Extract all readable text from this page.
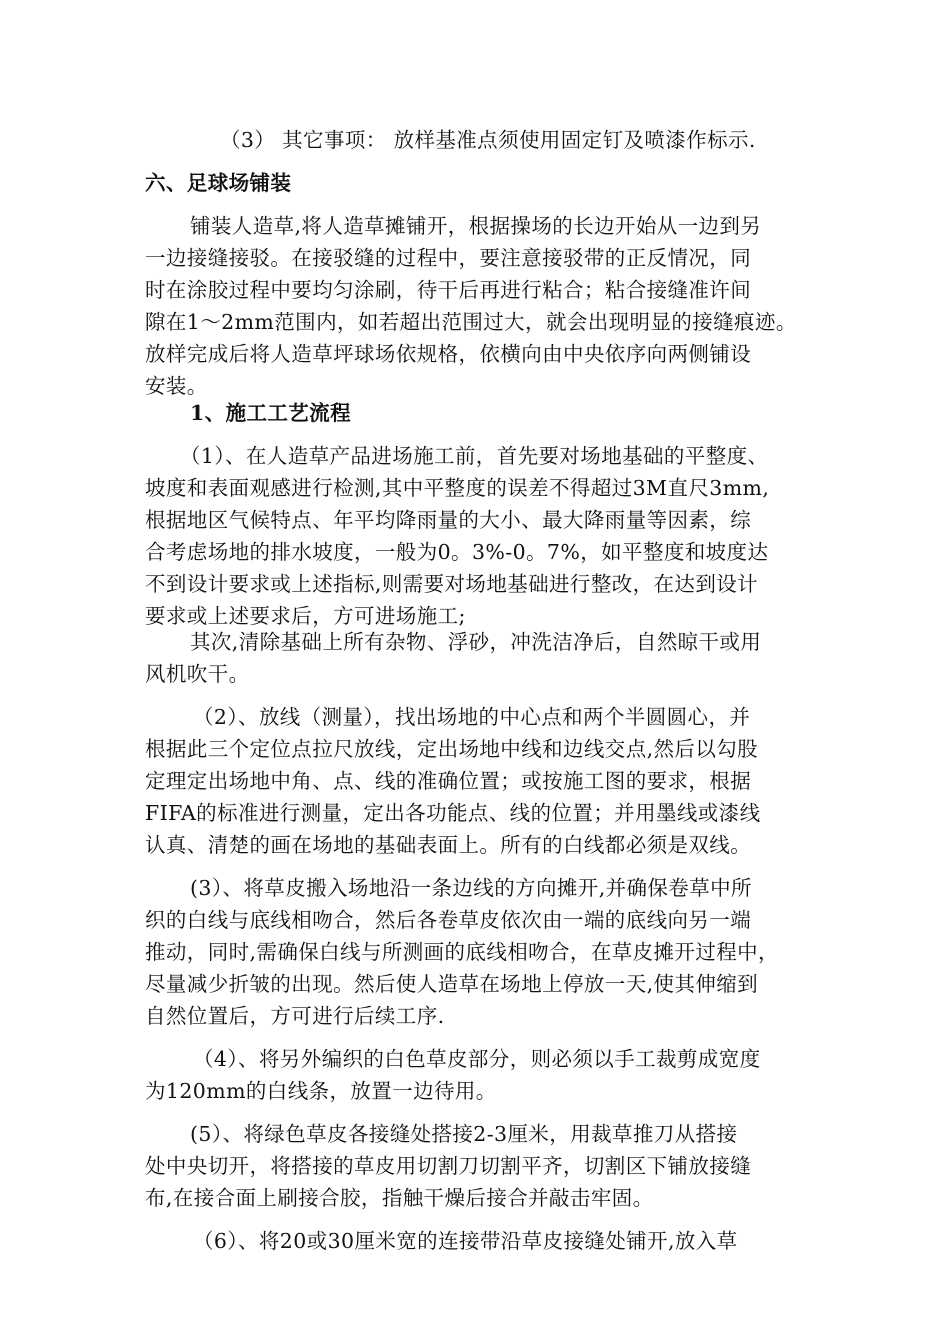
（3） 其它事项： 放样基准点须使用固定钉及喷漆作标示.
六、足球场铺装
铺装人造草,将人造草摊铺开，根据操场的长边开始从一边到另
一边接缝接驳。在接驳缝的过程中，要注意接驳带的正反情况，同
时在涂胶过程中要均匀涂刷，待干后再进行粘合；粘合接缝准许间
隙在1～2mm范围内，如若超出范围过大，就会出现明显的接缝痕迹。
放样完成后将人造草坪球场依规格，依横向由中央依序向两侧铺设
安装。
1、施工工艺流程
（1）、在人造草产品进场施工前，首先要对场地基础的平整度、
坡度和表面观感进行检测,其中平整度的误差不得超过3M直尺3mm,
根据地区气候特点、年平均降雨量的大小、最大降雨量等因素，综
合考虑场地的排水坡度，一般为0。3%-0。7%，如平整度和坡度达
不到设计要求或上述指标,则需要对场地基础进行整改，在达到设计
要求或上述要求后，方可进场施工;
其次,清除基础上所有杂物、浮砂，冲洗洁净后，自然晾干或用
风机吹干。
（2）、放线（测量），找出场地的中心点和两个半圆圆心，并
根据此三个定位点拉尺放线，定出场地中线和边线交点,然后以勾股
定理定出场地中角、点、线的准确位置；或按施工图的要求，根据
FIFA的标准进行测量，定出各功能点、线的位置；并用墨线或漆线
认真、清楚的画在场地的基础表面上。所有的白线都必须是双线。
(3）、将草皮搬入场地沿一条边线的方向摊开,并确保卷草中所
织的白线与底线相吻合，然后各卷草皮依次由一端的底线向另一端
推动，同时,需确保白线与所测画的底线相吻合，在草皮摊开过程中，
尽量减少折皱的出现。然后使人造草在场地上停放一天,使其伸缩到
自然位置后，方可进行后续工序.
（4）、将另外编织的白色草皮部分，则必须以手工裁剪成宽度
为120mm的白线条，放置一边待用。
(5）、将绿色草皮各接缝处搭接2-3厘米，用裁草推刀从搭接
处中央切开，将搭接的草皮用切割刀切割平齐，切割区下铺放接缝
布,在接合面上刷接合胶，指触干燥后接合并敲击牢固。
（6）、将20或30厘米宽的连接带沿草皮接缝处铺开,放入草
